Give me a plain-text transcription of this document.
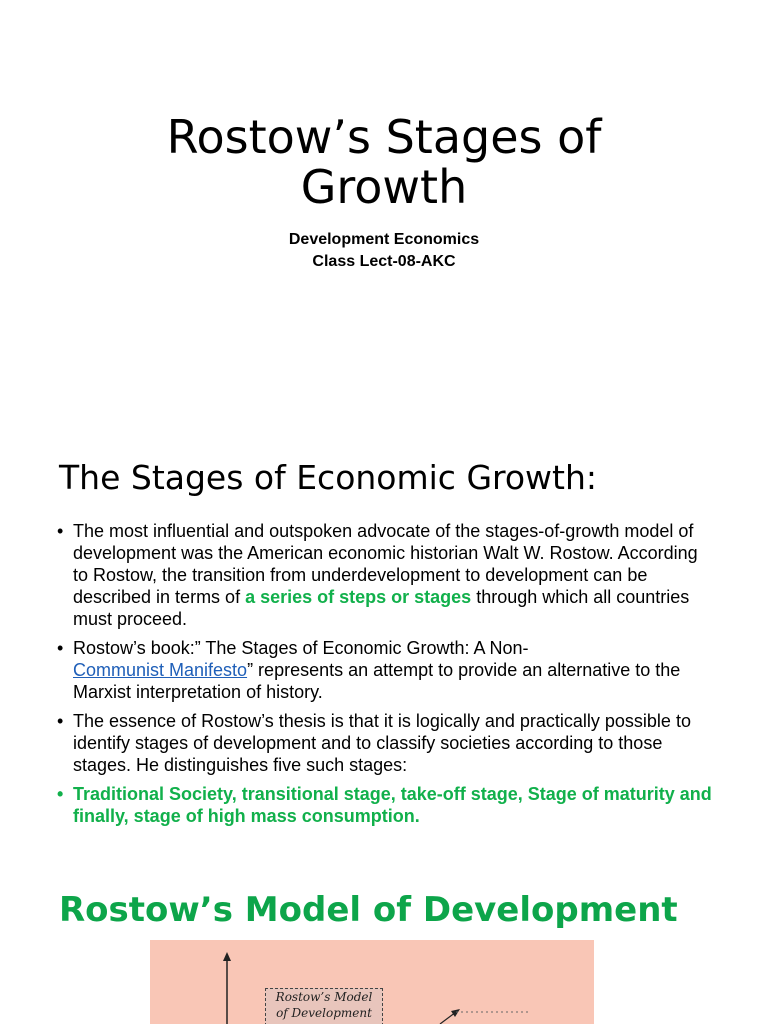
Rostow’s Stages of Growth
Development Economics
Class Lect-08-AKC
The Stages of Economic Growth:
• The most influential and outspoken advocate of the stages-of-growth model of development was the American economic historian Walt W. Rostow. According to Rostow, the transition from underdevelopment to development can be described in terms of a series of steps or stages through which all countries must proceed.
• Rostow’s book:” The Stages of Economic Growth: A Non-
Communist Manifesto” represents an attempt to provide an alternative to the Marxist interpretation of history.
• The essence of Rostow’s thesis is that it is logically and practically possible to identify stages of development and to classify societies according to those stages. He distinguishes five such stages:
• Traditional Society, transitional stage, take-off stage, Stage of maturity and finally, stage of high mass consumption.
Rostow’s Model of Development
Rostow’s Model
of Development
